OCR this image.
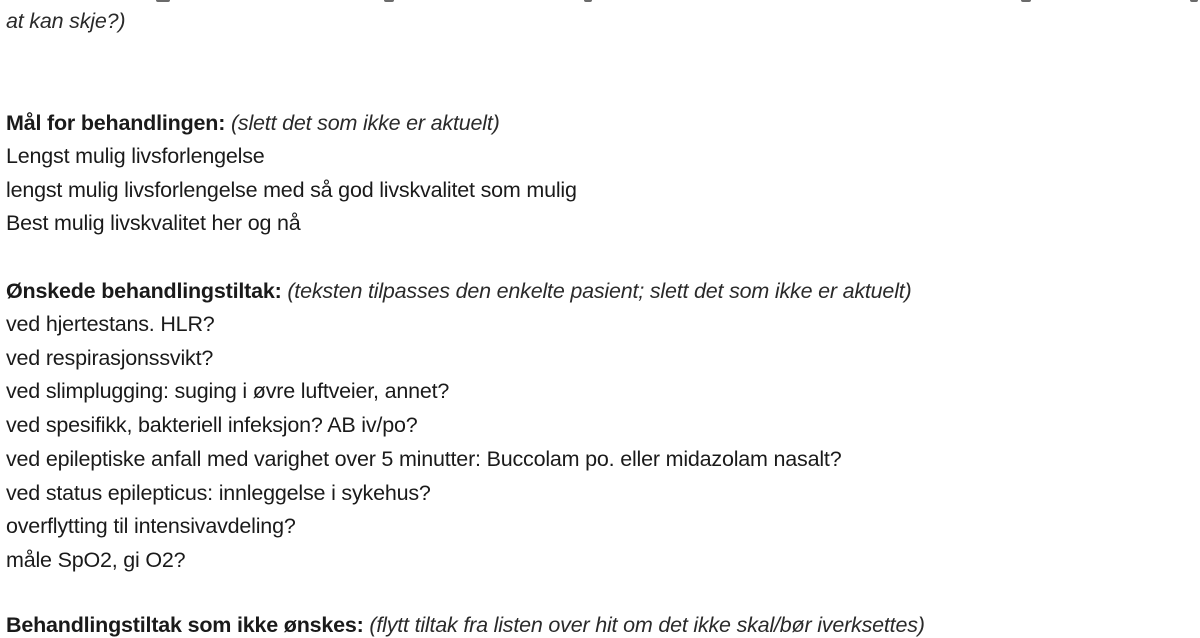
at kan skje?)
Mål for behandlingen: (slett det som ikke er aktuelt)
Lengst mulig livsforlengelse
lengst mulig livsforlengelse med så god livskvalitet som mulig
Best mulig livskvalitet her og nå
Ønskede behandlingstiltak: (teksten tilpasses den enkelte pasient; slett det som ikke er aktuelt)
ved hjertestans. HLR?
ved respirasjonssvikt?
ved slimplugging: suging i øvre luftveier, annet?
ved spesifikk, bakteriell infeksjon? AB iv/po?
ved epileptiske anfall med varighet over 5 minutter: Buccolam po. eller midazolam nasalt?
ved status epilepticus: innleggelse i sykehus?
overflytting til intensivavdeling?
måle SpO2, gi O2?
Behandlingstiltak som ikke ønskes: (flytt tiltak fra listen over hit om det ikke skal/bør iverksettes)
